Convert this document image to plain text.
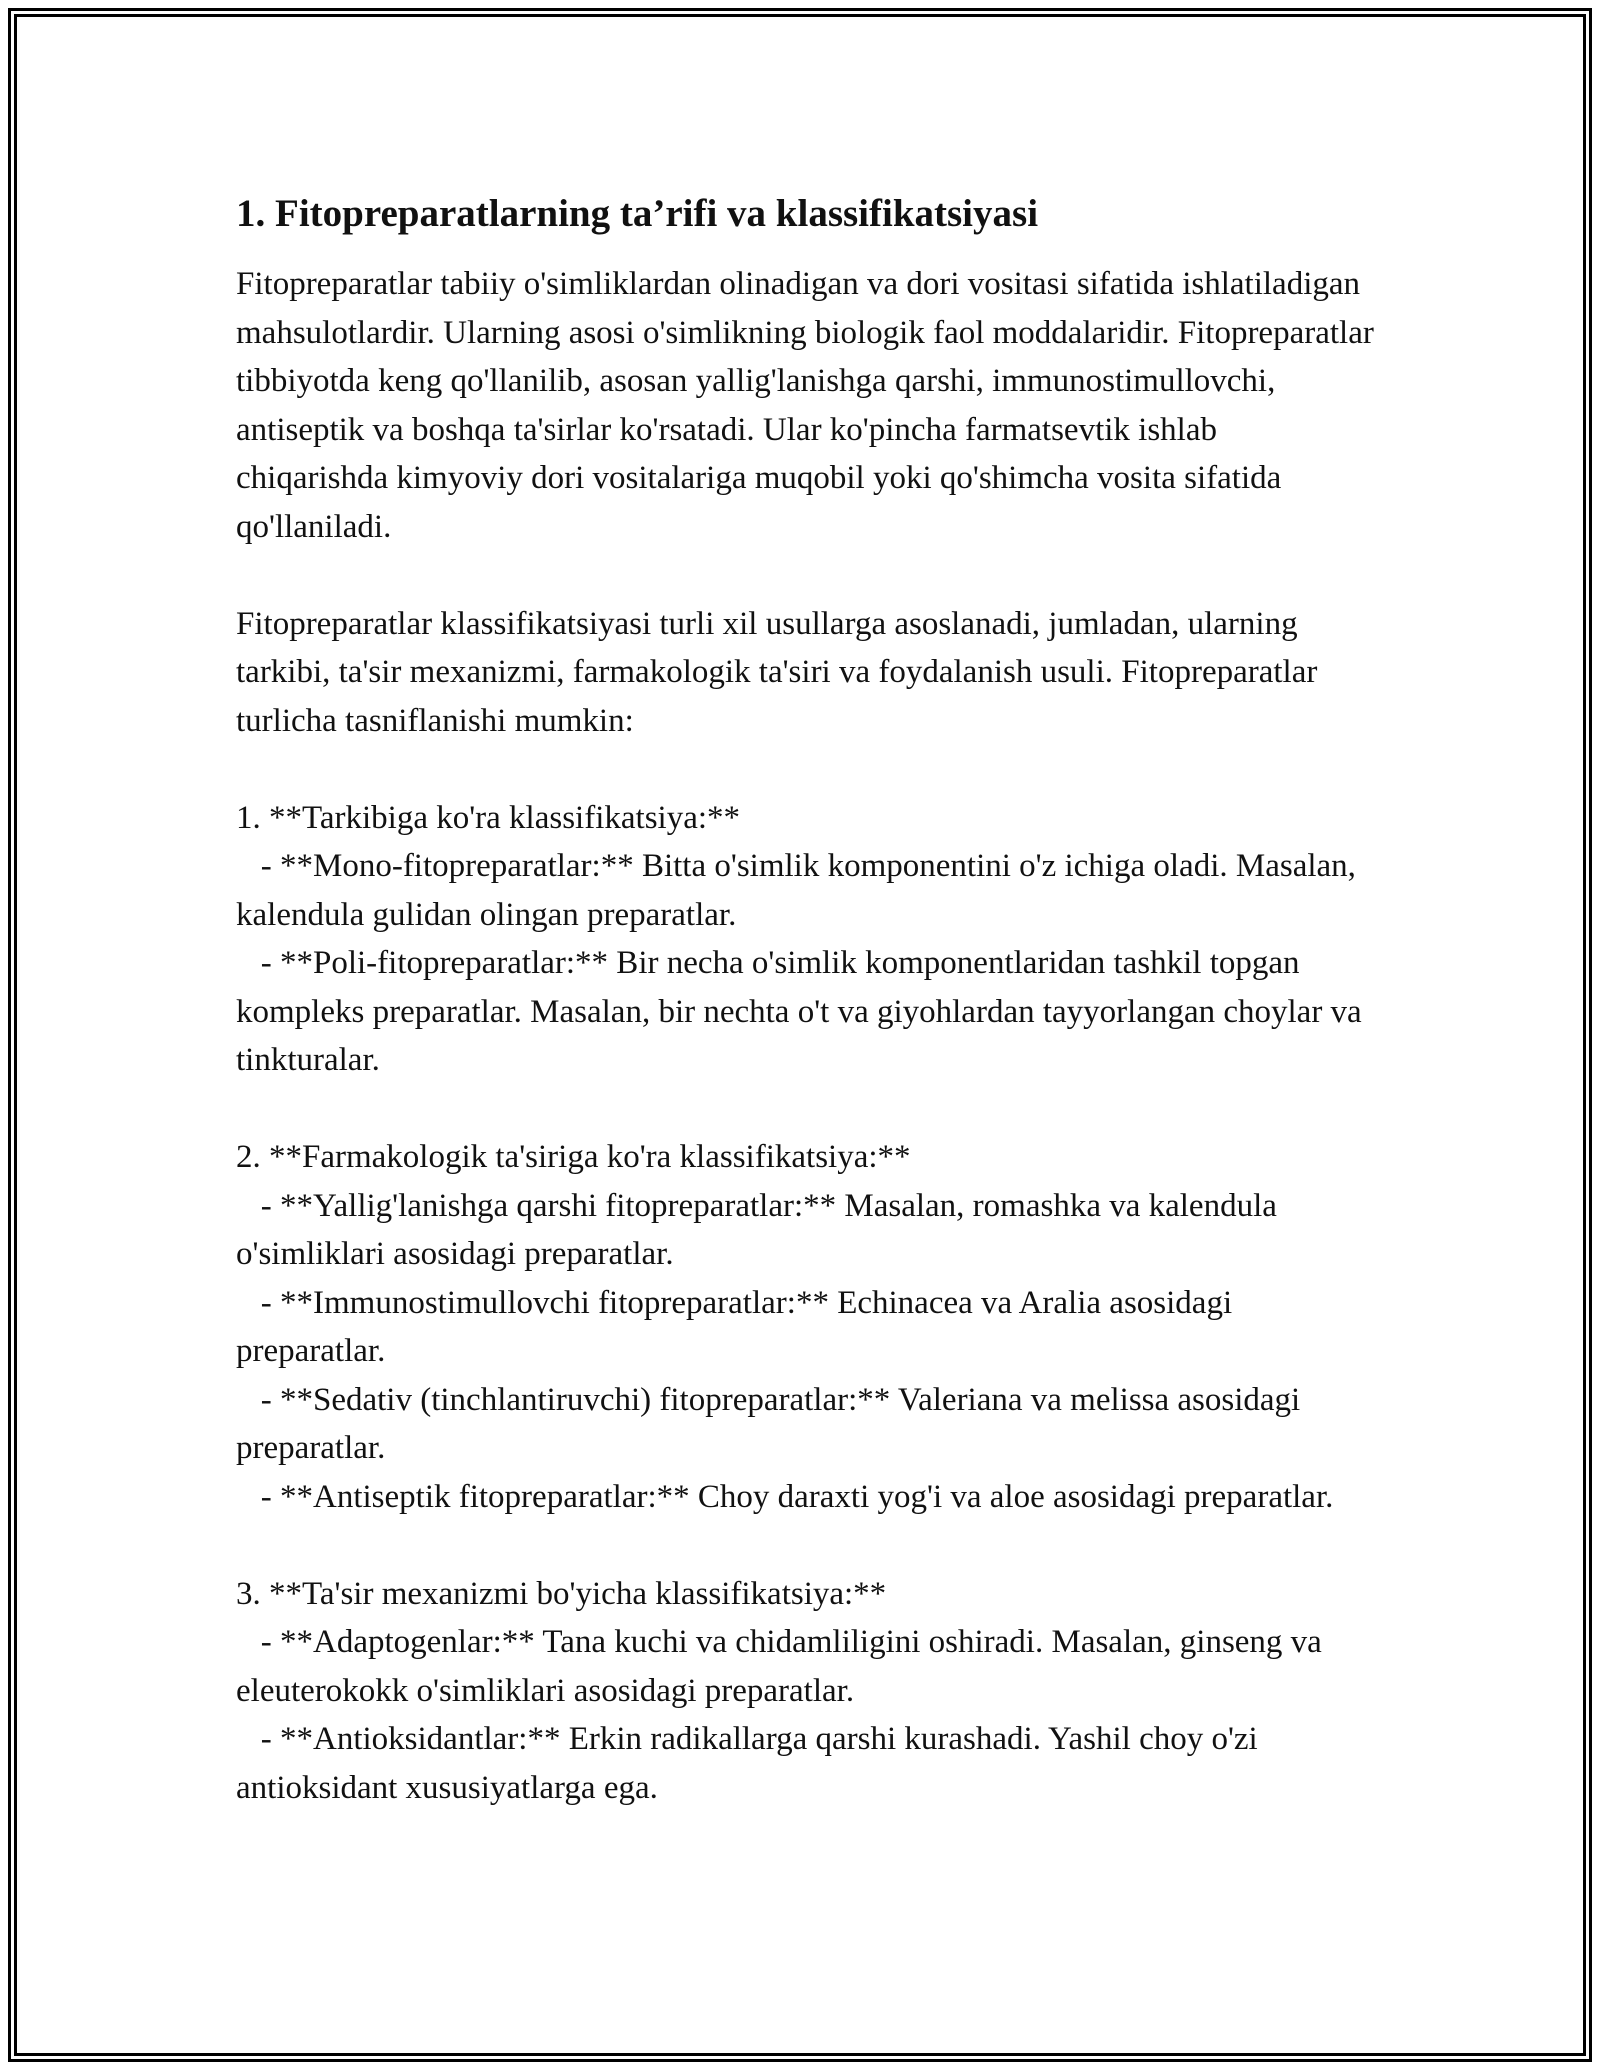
1. Fitopreparatlarning ta’rifi va klassifikatsiyasi

Fitopreparatlar tabiiy o'simliklardan olinadigan va dori vositasi sifatida ishlatiladigan mahsulotlardir. Ularning asosi o'simlikning biologik faol moddalaridir. Fitopreparatlar tibbiyotda keng qo'llanilib, asosan yallig'lanishga qarshi, immunostimullovchi, antiseptik va boshqa ta'sirlar ko'rsatadi. Ular ko'pincha farmatsevtik ishlab chiqarishda kimyoviy dori vositalariga muqobil yoki qo'shimcha vosita sifatida qo'llaniladi.

Fitopreparatlar klassifikatsiyasi turli xil usullarga asoslanadi, jumladan, ularning tarkibi, ta'sir mexanizmi, farmakologik ta'siri va foydalanish usuli. Fitopreparatlar turlicha tasniflanishi mumkin:

1. **Tarkibiga ko'ra klassifikatsiya:**

- **Mono-fitopreparatlar:** Bitta o'simlik komponentini o'z ichiga oladi. Masalan, kalendula gulidan olingan preparatlar.

- **Poli-fitopreparatlar:** Bir necha o'simlik komponentlaridan tashkil topgan kompleks preparatlar. Masalan, bir nechta o't va giyohlardan tayyorlangan choylar va tinkturalar.

2. **Farmakologik ta'siriga ko'ra klassifikatsiya:**

- **Yallig'lanishga qarshi fitopreparatlar:** Masalan, romashka va kalendula o'simliklari asosidagi preparatlar.

- **Immunostimullovchi fitopreparatlar:** Echinacea va Aralia asosidagi preparatlar.

- **Sedativ (tinchlantiruvchi) fitopreparatlar:** Valeriana va melissa asosidagi preparatlar.

- **Antiseptik fitopreparatlar:** Choy daraxti yog'i va aloe asosidagi preparatlar.

3. **Ta'sir mexanizmi bo'yicha klassifikatsiya:**

- **Adaptogenlar:** Tana kuchi va chidamliligini oshiradi. Masalan, ginseng va eleuterokokk o'simliklari asosidagi preparatlar.

- **Antioksidantlar:** Erkin radikallarga qarshi kurashadi. Yashil choy o'zi antioksidant xususiyatlarga ega.
